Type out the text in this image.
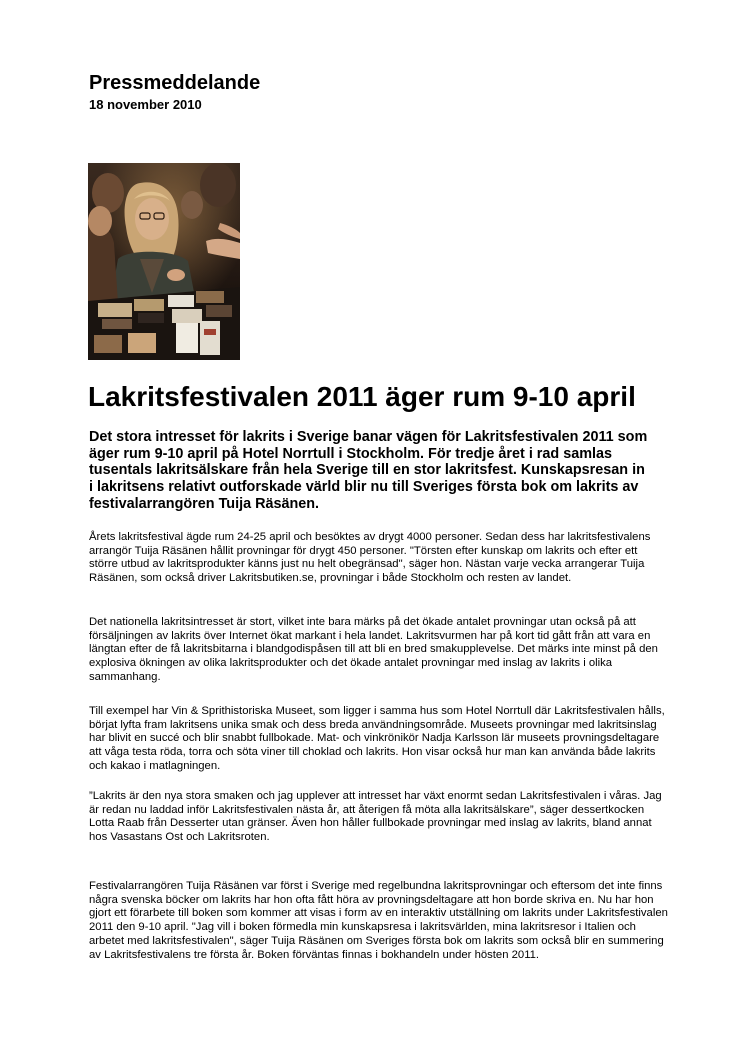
Pressmeddelande
18 november 2010
Lakritsfestivalen 2011 äger rum 9-10 april

Det stora intresset för lakrits i Sverige banar vägen för Lakritsfestivalen 2011 som äger rum 9-10 april på Hotel Norrtull i Stockholm. För tredje året i rad samlas tusentals lakritsälskare från hela Sverige till en stor lakritsfest. Kunskapsresan in i lakritsens relativt outforskade värld blir nu till Sveriges första bok om lakrits av festivalarrangören Tuija Räsänen.

Årets lakritsfestival ägde rum 24-25 april och besöktes av drygt 4000 personer. Sedan dess har lakritsfestivalens arrangör Tuija Räsänen hållit provningar för drygt 450 personer. "Törsten efter kunskap om lakrits och efter ett större utbud av lakritsprodukter känns just nu helt obegränsad", säger hon. Nästan varje vecka arrangerar Tuija Räsänen, som också driver Lakritsbutiken.se, provningar i både Stockholm och resten av landet.

Det nationella lakritsintresset är stort, vilket inte bara märks på det ökade antalet provningar utan också på att försäljningen av lakrits över Internet ökat markant i hela landet. Lakritsvurmen har på kort tid gått från att vara en längtan efter de få lakritsbitarna i blandgodispåsen till att bli en bred smakupplevelse. Det märks inte minst på den explosiva ökningen av olika lakritsprodukter och det ökade antalet provningar med inslag av lakrits i olika sammanhang.

Till exempel har Vin & Sprithistoriska Museet, som ligger i samma hus som Hotel Norrtull där Lakritsfestivalen hålls, börjat lyfta fram lakritsens unika smak och dess breda användningsområde. Museets provningar med lakritsinslag har blivit en succé och blir snabbt fullbokade. Mat- och vinkrönikör Nadja Karlsson lär museets provningsdeltagare att våga testa röda, torra och söta viner till choklad och lakrits. Hon visar också hur man kan använda både lakrits och kakao i matlagningen.

”Lakrits är den nya stora smaken och jag upplever att intresset har växt enormt sedan Lakritsfestivalen i våras. Jag är redan nu laddad inför Lakritsfestivalen nästa år, att återigen få möta alla lakritsälskare”, säger dessertkocken Lotta Raab från Desserter utan gränser. Även hon håller fullbokade provningar med inslag av lakrits, bland annat hos Vasastans Ost och Lakritsroten.

Festivalarrangören Tuija Räsänen var först i Sverige med regelbundna lakritsprovningar och eftersom det inte finns några svenska böcker om lakrits har hon ofta fått höra av provningsdeltagare att hon borde skriva en. Nu har hon gjort ett förarbete till boken som kommer att visas i form av en interaktiv utställning om lakrits under Lakritsfestivalen 2011 den 9-10 april. "Jag vill i boken förmedla min kunskapsresa i lakritsvärlden, mina lakritsresor i Italien och arbetet med lakritsfestivalen", säger Tuija Räsänen om Sveriges första bok om lakrits som också blir en summering av Lakritsfestivalens tre första år. Boken förväntas finnas i bokhandeln under hösten 2011.
